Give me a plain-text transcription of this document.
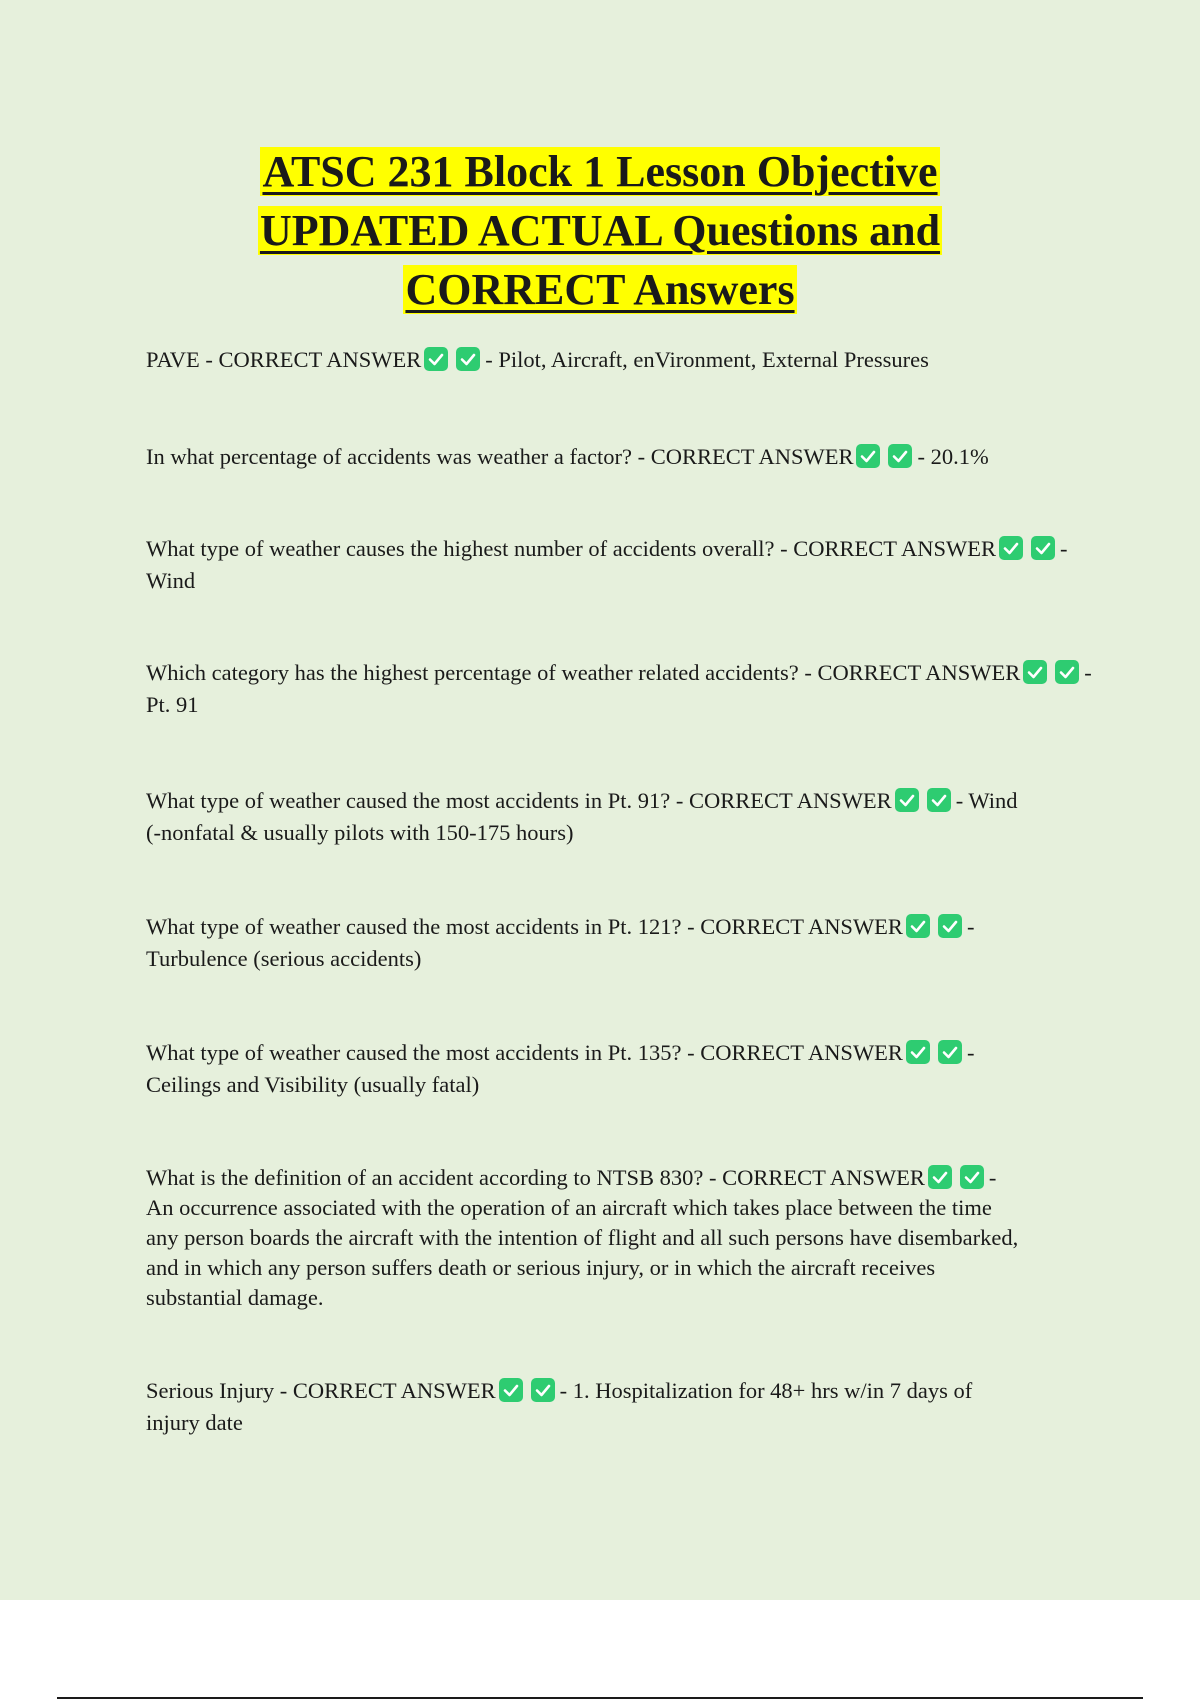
ATSC 231 Block 1 Lesson Objective
UPDATED ACTUAL Questions and
CORRECT Answers

PAVE - CORRECT ANSWER	- Pilot, Aircraft, enVironment, External Pressures

In what percentage of accidents was weather a factor? - CORRECT ANSWER	- 20.1%

What type of weather causes the highest number of accidents overall? - CORRECT ANSWER	- Wind

Which category has the highest percentage of weather related accidents? - CORRECT ANSWER	- Pt. 91

What type of weather caused the most accidents in Pt. 91? - CORRECT ANSWER	- Wind
(-nonfatal & usually pilots with 150-175 hours)

What type of weather caused the most accidents in Pt. 121? - CORRECT ANSWER	-
Turbulence (serious accidents)

What type of weather caused the most accidents in Pt. 135? - CORRECT ANSWER	-
Ceilings and Visibility (usually fatal)

What is the definition of an accident according to NTSB 830? - CORRECT ANSWER	-
An occurrence associated with the operation of an aircraft which takes place between the time
any person boards the aircraft with the intention of flight and all such persons have disembarked,
and in which any person suffers death or serious injury, or in which the aircraft receives
substantial damage.

Serious Injury - CORRECT ANSWER	- 1. Hospitalization for 48+ hrs w/in 7 days of
injury date
